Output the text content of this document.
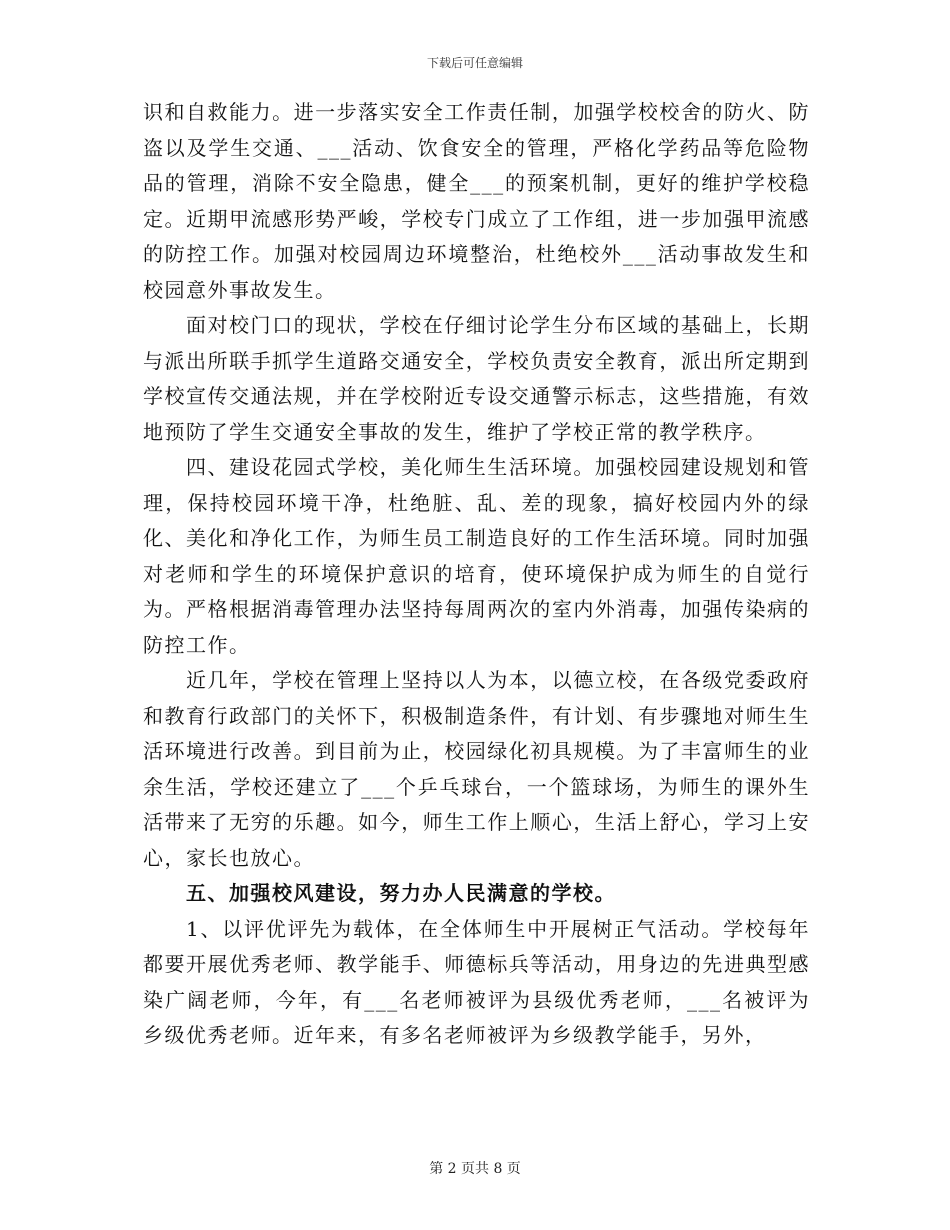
下载后可任意编辑

识和自救能力。进一步落实安全工作责任制，加强学校校舍的防火、防盗以及学生交通、___活动、饮食安全的管理，严格化学药品等危险物品的管理，消除不安全隐患，健全___的预案机制，更好的维护学校稳定。近期甲流感形势严峻，学校专门成立了工作组，进一步加强甲流感的防控工作。加强对校园周边环境整治，杜绝校外___活动事故发生和校园意外事故发生。

面对校门口的现状，学校在仔细讨论学生分布区域的基础上，长期与派出所联手抓学生道路交通安全，学校负责安全教育，派出所定期到学校宣传交通法规，并在学校附近专设交通警示标志，这些措施，有效地预防了学生交通安全事故的发生，维护了学校正常的教学秩序。

四、建设花园式学校，美化师生生活环境。加强校园建设规划和管理，保持校园环境干净，杜绝脏、乱、差的现象，搞好校园内外的绿化、美化和净化工作，为师生员工制造良好的工作生活环境。同时加强对老师和学生的环境保护意识的培育，使环境保护成为师生的自觉行为。严格根据消毒管理办法坚持每周两次的室内外消毒，加强传染病的防控工作。

近几年，学校在管理上坚持以人为本，以德立校，在各级党委政府和教育行政部门的关怀下，积极制造条件，有计划、有步骤地对师生生活环境进行改善。到目前为止，校园绿化初具规模。为了丰富师生的业余生活，学校还建立了___个乒乓球台，一个篮球场，为师生的课外生活带来了无穷的乐趣。如今，师生工作上顺心，生活上舒心，学习上安心，家长也放心。

五、加强校风建设，努力办人民满意的学校。

1、以评优评先为载体，在全体师生中开展树正气活动。学校每年都要开展优秀老师、教学能手、师德标兵等活动，用身边的先进典型感染广阔老师，今年，有___名老师被评为县级优秀老师，___名被评为乡级优秀老师。近年来，有多名老师被评为乡级教学能手，另外，

第 2 页共 8 页
